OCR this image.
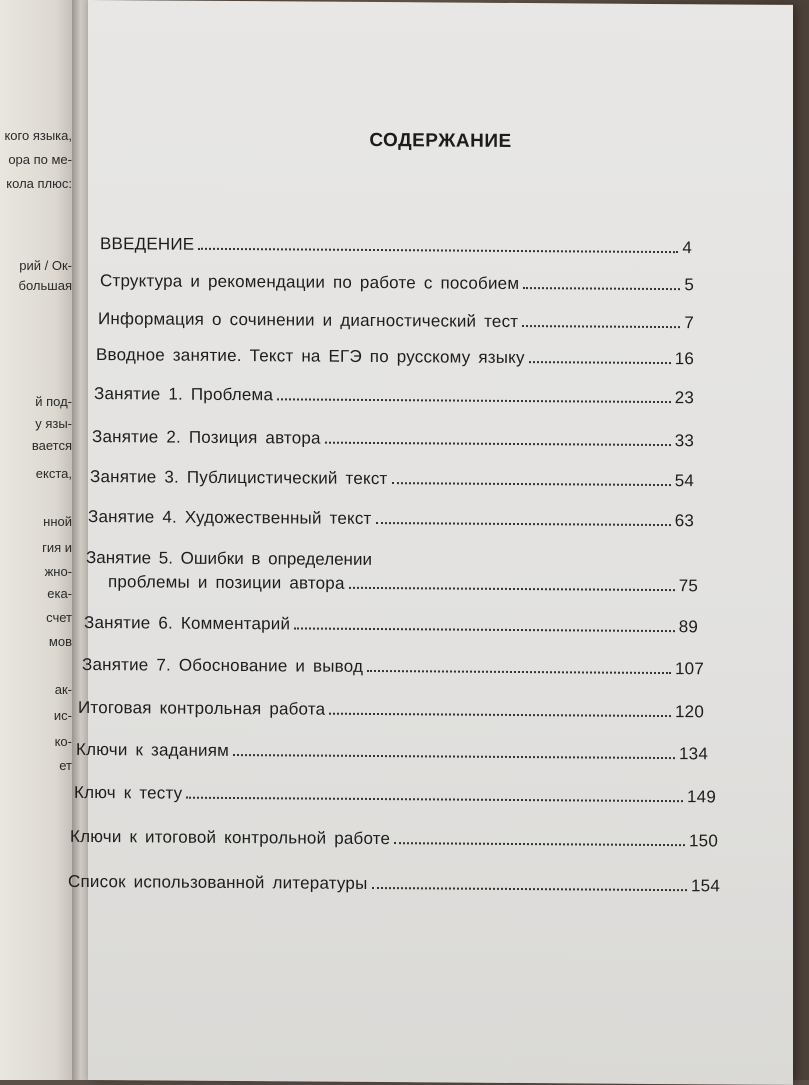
кого языка,
ора по ме-
кола плюс:
рий / Ок-
большая
й под-
у язы-
вается
екста,
нной
гия и
жно-
ека-
счет
мов
ак-
ис-
ко-
ет
СОДЕРЖАНИЕ
ВВЕДЕНИЕ	4
Структура и рекомендации по работе с пособием	5
Информация о сочинении и диагностический тест	7
Вводное занятие. Текст на ЕГЭ по русскому языку	16
Занятие 1. Проблема	23
Занятие 2. Позиция автора	33
Занятие 3. Публицистический текст	54
Занятие 4. Художественный текст	63
Занятие 5. Ошибки в определении
проблемы и позиции автора	75
Занятие 6. Комментарий	89
Занятие 7. Обоснование и вывод	107
Итоговая контрольная работа	120
Ключи к заданиям	134
Ключ к тесту	149
Ключи к итоговой контрольной работе	150
Список использованной литературы	154
